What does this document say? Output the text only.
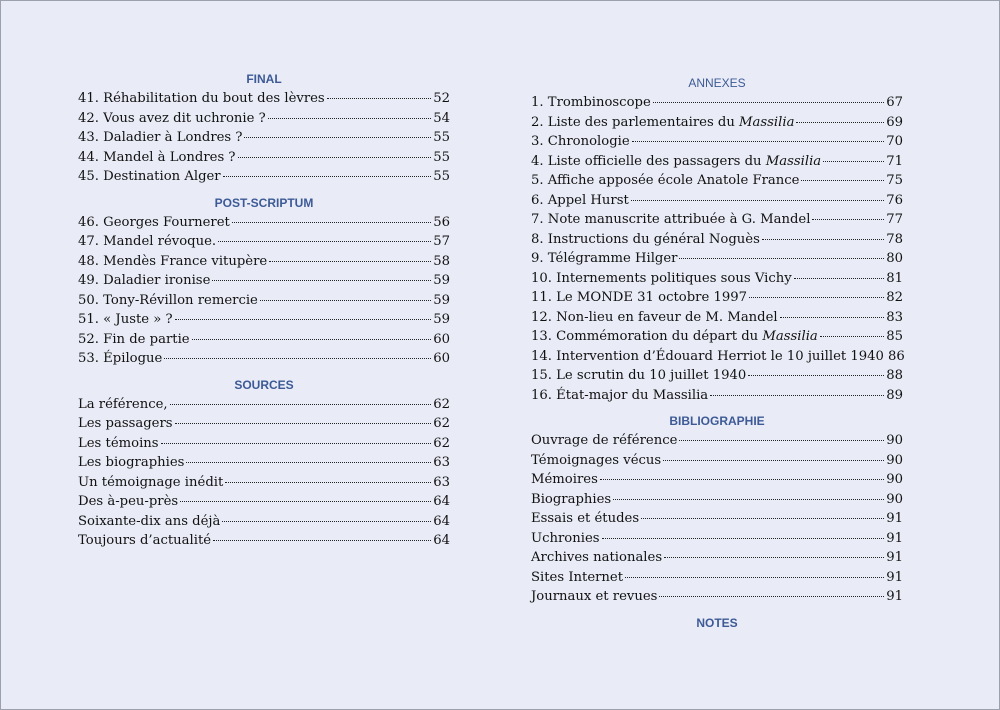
FINAL
41. Réhabilitation du bout des lèvres	52
42. Vous avez dit uchronie ?	54
43. Daladier à Londres ?	55
44. Mandel à Londres ?	55
45. Destination Alger	55
POST-SCRIPTUM
46. Georges Fourneret	56
47. Mandel révoque.	57
48. Mendès France vitupère	58
49. Daladier ironise	59
50. Tony-Révillon remercie	59
51. « Juste » ?	59
52. Fin de partie	60
53. Épilogue	60
SOURCES
La référence,	62
Les passagers	62
Les témoins	62
Les biographies	63
Un témoignage inédit	63
Des à-peu-près	64
Soixante-dix ans déjà	64
Toujours d’actualité	64
ANNEXES
1. Trombinoscope	67
2. Liste des parlementaires du Massilia	69
3. Chronologie	70
4. Liste officielle des passagers du Massilia	71
5. Affiche apposée école Anatole France	75
6. Appel Hurst	76
7. Note manuscrite attribuée à G. Mandel	77
8. Instructions du général Noguès	78
9. Télégramme Hilger	80
10. Internements politiques sous Vichy	81
11. Le MONDE 31 octobre 1997	82
12. Non-lieu en faveur de M. Mandel	83
13. Commémoration du départ du Massilia	85
14. Intervention d’Édouard Herriot le 10 juillet 1940 86
15. Le scrutin du 10 juillet 1940	88
16. État-major du Massilia	89
BIBLIOGRAPHIE
Ouvrage de référence	90
Témoignages vécus	90
Mémoires	90
Biographies	90
Essais et études	91
Uchronies	91
Archives nationales	91
Sites Internet	91
Journaux et revues	91
NOTES
